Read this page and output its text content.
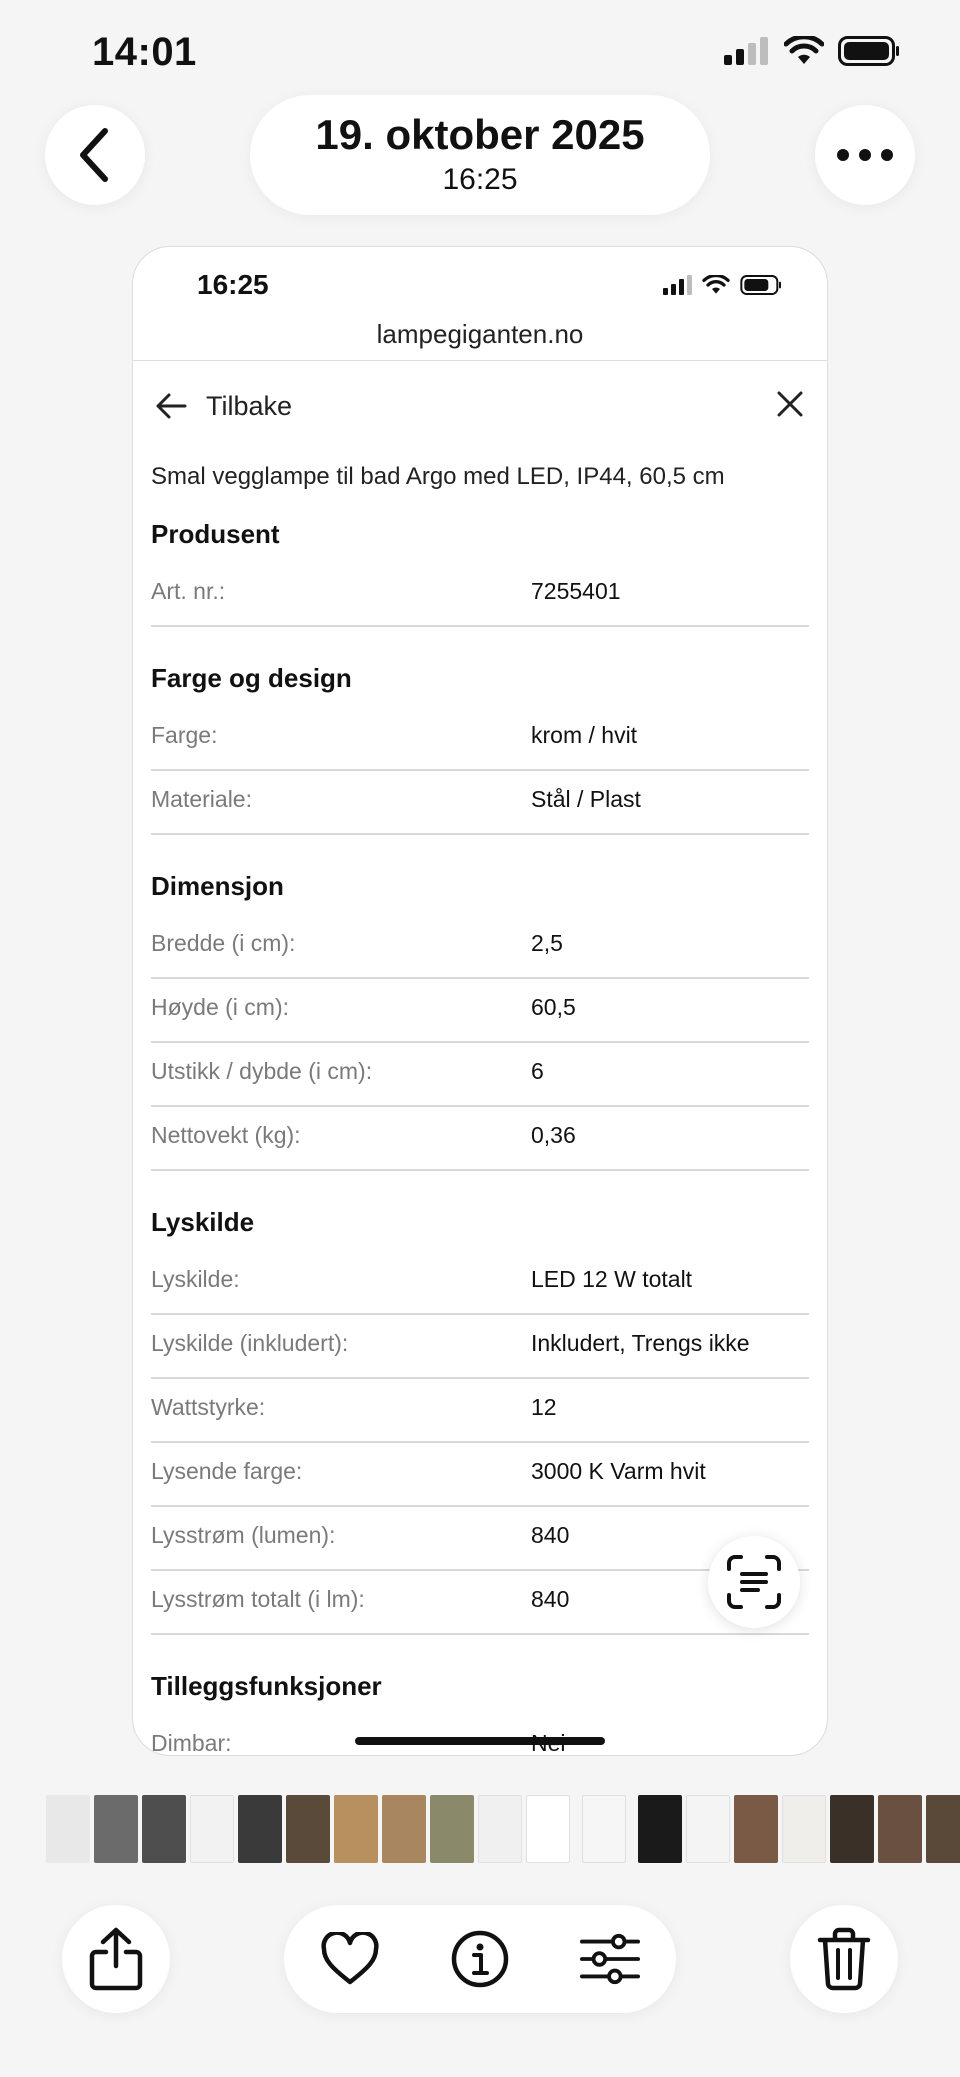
14:01
19. oktober 2025
16:25
16:25
lampegiganten.no
Tilbake
Smal vegglampe til bad Argo med LED, IP44, 60,5 cm
Produsent
Art. nr.:	7255401
Farge og design
Farge:	krom / hvit
Materiale:	Stål / Plast
Dimensjon
Bredde (i cm):	2,5
Høyde (i cm):	60,5
Utstikk / dybde (i cm):	6
Nettovekt (kg):	0,36
Lyskilde
Lyskilde:	LED 12 W totalt
Lyskilde (inkludert):	Inkludert, Trengs ikke
Wattstyrke:	12
Lysende farge:	3000 K Varm hvit
Lysstrøm (lumen):	840
Lysstrøm totalt (i lm):	840
Tilleggsfunksjoner
Dimbar:
